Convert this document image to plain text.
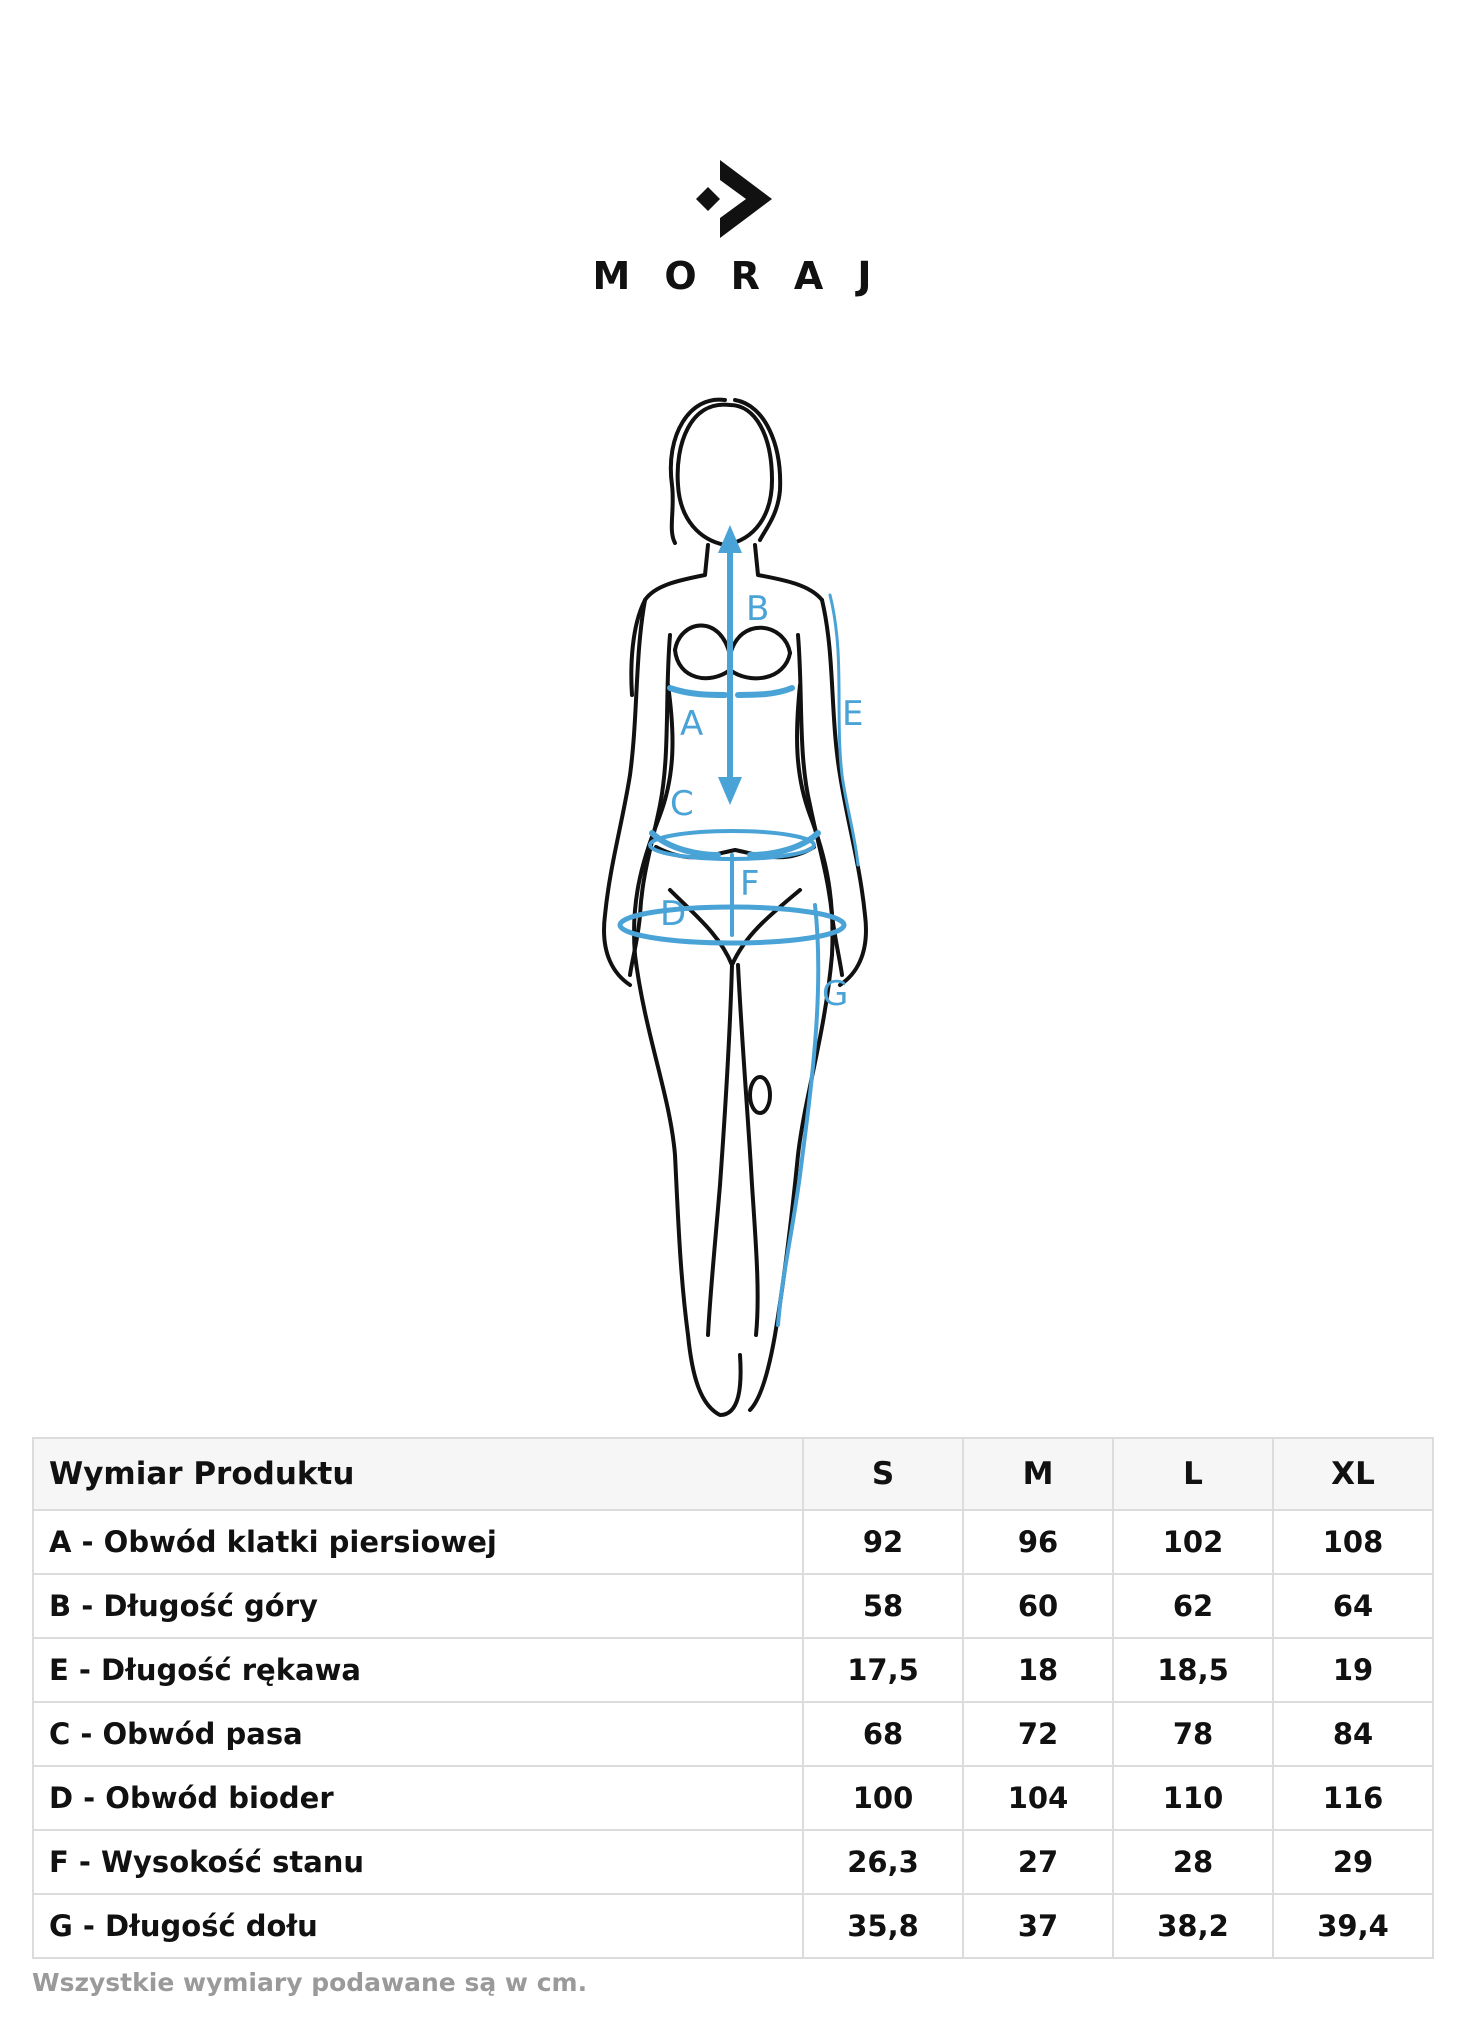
MORAJ
B
A	E
C
F
D
G
Wymiar Produktu	S	M	L	XL
A - Obwód klatki piersiowej	92	96	102	108
B - Długość góry	58	60	62	64
E - Długość rękawa	17,5	18	18,5	19
C - Obwód pasa	68	72	78	84
D - Obwód bioder	100	104	110	116
F - Wysokość stanu	26,3	27	28	29
G - Długość dołu	35,8	37	38,2	39,4
Wszystkie wymiary podawane są w cm.
